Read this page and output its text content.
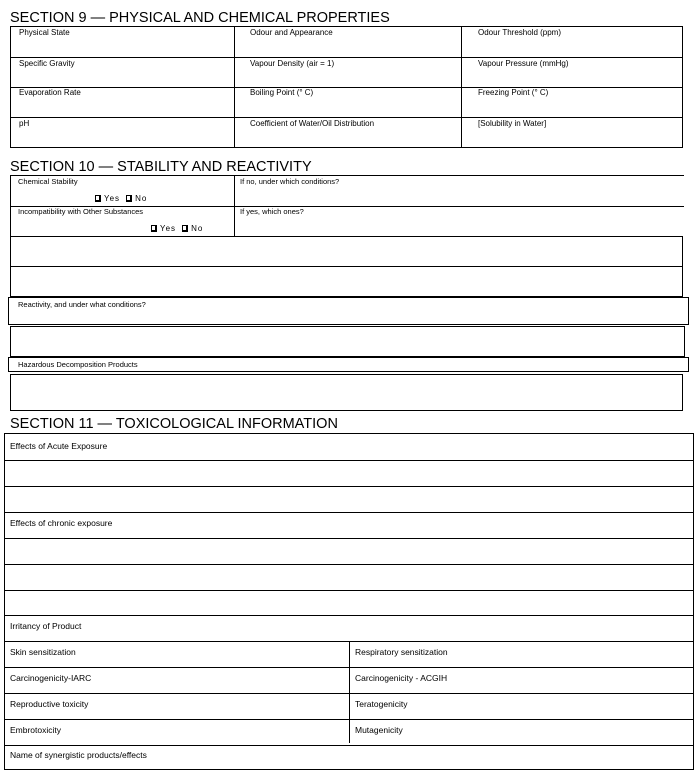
SECTION 9 — PHYSICAL AND CHEMICAL PROPERTIES
Physical State	Odour and Appearance	Odour Threshold (ppm)
Specific Gravity	Vapour Density (air = 1)	Vapour Pressure (mmHg)
Evaporation Rate	Boiling Point (° C)	Freezing Point (° C)
pH	Coefficient of Water/Oil Distribution	[Solubility in Water]
SECTION 10 — STABILITY AND REACTIVITY
Chemical Stability	If no, under which conditions?
Yes No
Incompatibility with Other Substances	If yes, which ones?
Yes No
Reactivity, and under what conditions?
Hazardous Decomposition Products
SECTION 11 — TOXICOLOGICAL INFORMATION
Effects of Acute Exposure
Effects of chronic exposure
Irritancy of Product
Skin sensitization	Respiratory sensitization
Carcinogenicity-IARC	Carcinogenicity - ACGIH
Reproductive toxicity	Teratogenicity
Embrotoxicity	Mutagenicity
Name of synergistic products/effects
